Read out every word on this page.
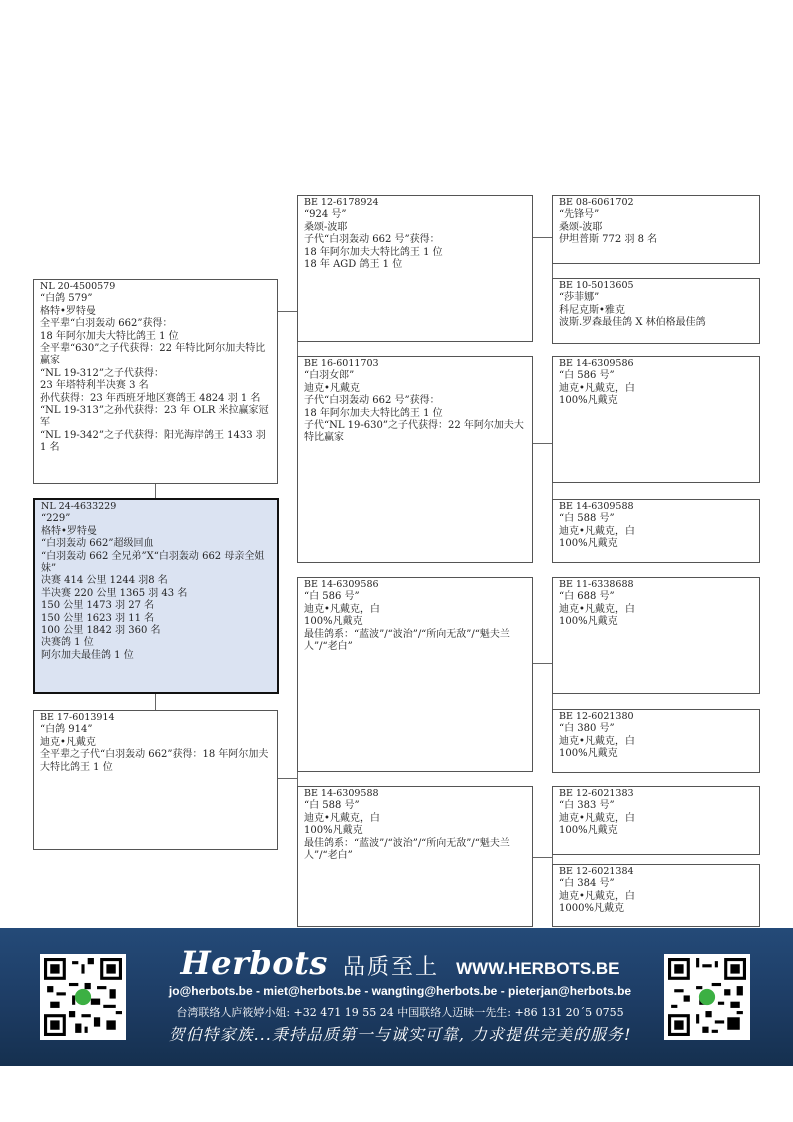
NL 20-4500579
“白鸽 579”
格特•罗特曼
全平辈“白羽轰动 662”获得：
18 年阿尔加夫大特比鸽王 1 位
全平辈“630”之子代获得：22 年特比阿尔加夫特比赢家
“NL 19-312”之子代获得：
23 年塔特利半决赛 3 名
孙代获得：23 年西班牙地区赛鸽王 4824 羽 1 名
“NL 19-313”之孙代获得：23 年 OLR 米拉赢家冠军
“NL 19-342”之子代获得：阳光海岸鸽王 1433 羽 1 名
NL 24-4633229
“229”
格特•罗特曼
“白羽轰动 662”超级回血
“白羽轰动 662 全兄弟”X“白羽轰动 662 母亲全姐妹”
决赛 414 公里 1244 羽8 名
半决赛 220 公里 1365 羽 43 名
150 公里 1473 羽 27 名
150 公里 1623 羽 11 名
100 公里 1842 羽 360 名
决赛鸽 1 位
阿尔加夫最佳鸽 1 位
BE 17-6013914
“白鸽 914”
迪克•凡戴克
全平辈之子代“白羽轰动 662”获得：18 年阿尔加夫大特比鸽王 1 位
BE 12-6178924
“924 号”
桑颂-波耶
子代“白羽轰动 662 号”获得：
18 年阿尔加夫大特比鸽王 1 位
18 年 AGD 鸽王 1 位
BE 16-6011703
“白羽女郎”
迪克•凡戴克
子代“白羽轰动 662 号”获得：
18 年阿尔加夫大特比鸽王 1 位
子代“NL 19-630”之子代获得：22 年阿尔加夫大特比赢家
BE 14-6309586
“白 586 号”
迪克•凡戴克，白
100%凡戴克
最佳鸽系：“蓝波”/“波治”/“所向无敌”/“魁夫兰人”/“老白”
BE 14-6309588
“白 588 号”
迪克•凡戴克，白
100%凡戴克
最佳鸽系：“蓝波”/“波治”/“所向无敌”/“魁夫兰人”/“老白”
BE 08-6061702
“先锋号”
桑颂-波耶
伊坦普斯 772 羽 8 名
BE 10-5013605
“莎菲娜”
科尼克斯•雅克
波斯.罗森最佳鸽 X 林伯格最佳鸽
BE 14-6309586
“白 586 号”
迪克•凡戴克，白
100%凡戴克
BE 14-6309588
“白 588 号”
迪克•凡戴克，白
100%凡戴克
BE 11-6338688
“白 688 号”
迪克•凡戴克，白
100%凡戴克
BE 12-6021380
“白 380 号”
迪克•凡戴克，白
100%凡戴克
BE 12-6021383
“白 383 号”
迪克•凡戴克，白
100%凡戴克
BE 12-6021384
“白 384 号”
迪克•凡戴克，白
1000%凡戴克
Herbots 品质至上 WWW.HERBOTS.BE
jo@herbots.be - miet@herbots.be - wangting@herbots.be - pieterjan@herbots.be
台湾联络人庐筱婷小姐: +32 471 19 55 24 中国联络人迈昧一先生: +86 131 20´5 0755
贺伯特家族...秉持品质第一与诚实可靠, 力求提供完美的服务!
